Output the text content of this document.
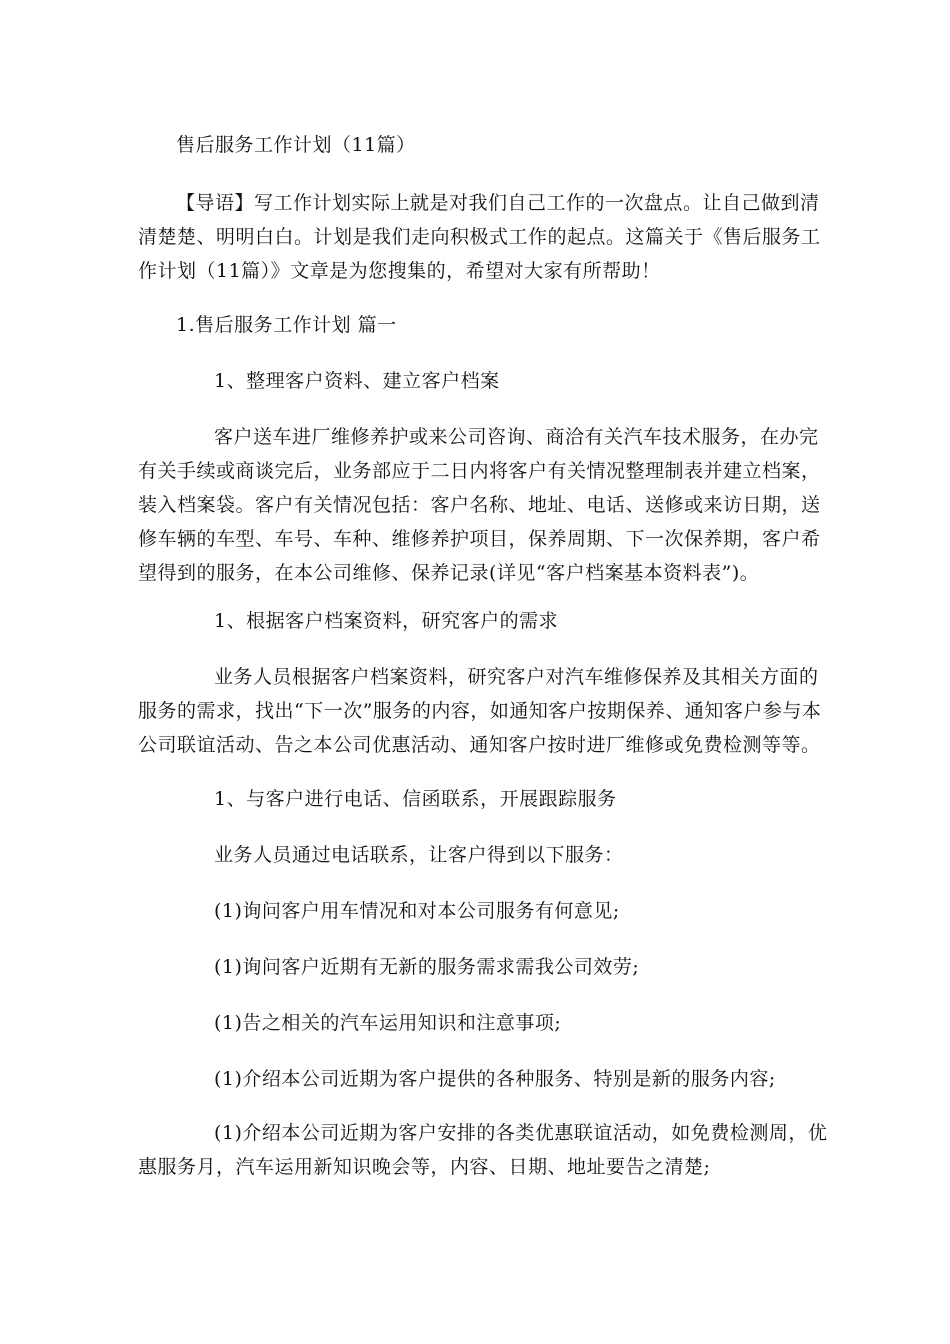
售后服务工作计划（11篇）
【导语】写工作计划实际上就是对我们自己工作的一次盘点。让自己做到清清楚楚、明明白白。计划是我们走向积极式工作的起点。这篇关于《售后服务工作计划（11篇）》文章是为您搜集的，希望对大家有所帮助！
1.售后服务工作计划 篇一
1、整理客户资料、建立客户档案
客户送车进厂维修养护或来公司咨询、商洽有关汽车技术服务，在办完有关手续或商谈完后，业务部应于二日内将客户有关情况整理制表并建立档案，装入档案袋。客户有关情况包括：客户名称、地址、电话、送修或来访日期，送修车辆的车型、车号、车种、维修养护项目，保养周期、下一次保养期，客户希望得到的服务，在本公司维修、保养记录(详见“客户档案基本资料表”)。
1、根据客户档案资料，研究客户的需求
业务人员根据客户档案资料，研究客户对汽车维修保养及其相关方面的服务的需求，找出“下一次”服务的内容，如通知客户按期保养、通知客户参与本公司联谊活动、告之本公司优惠活动、通知客户按时进厂维修或免费检测等等。
1、与客户进行电话、信函联系，开展跟踪服务
业务人员通过电话联系，让客户得到以下服务：
(1)询问客户用车情况和对本公司服务有何意见;
(1)询问客户近期有无新的服务需求需我公司效劳;
(1)告之相关的汽车运用知识和注意事项;
(1)介绍本公司近期为客户提供的各种服务、特别是新的服务内容;
(1)介绍本公司近期为客户安排的各类优惠联谊活动，如免费检测周，优惠服务月，汽车运用新知识晚会等，内容、日期、地址要告之清楚;
